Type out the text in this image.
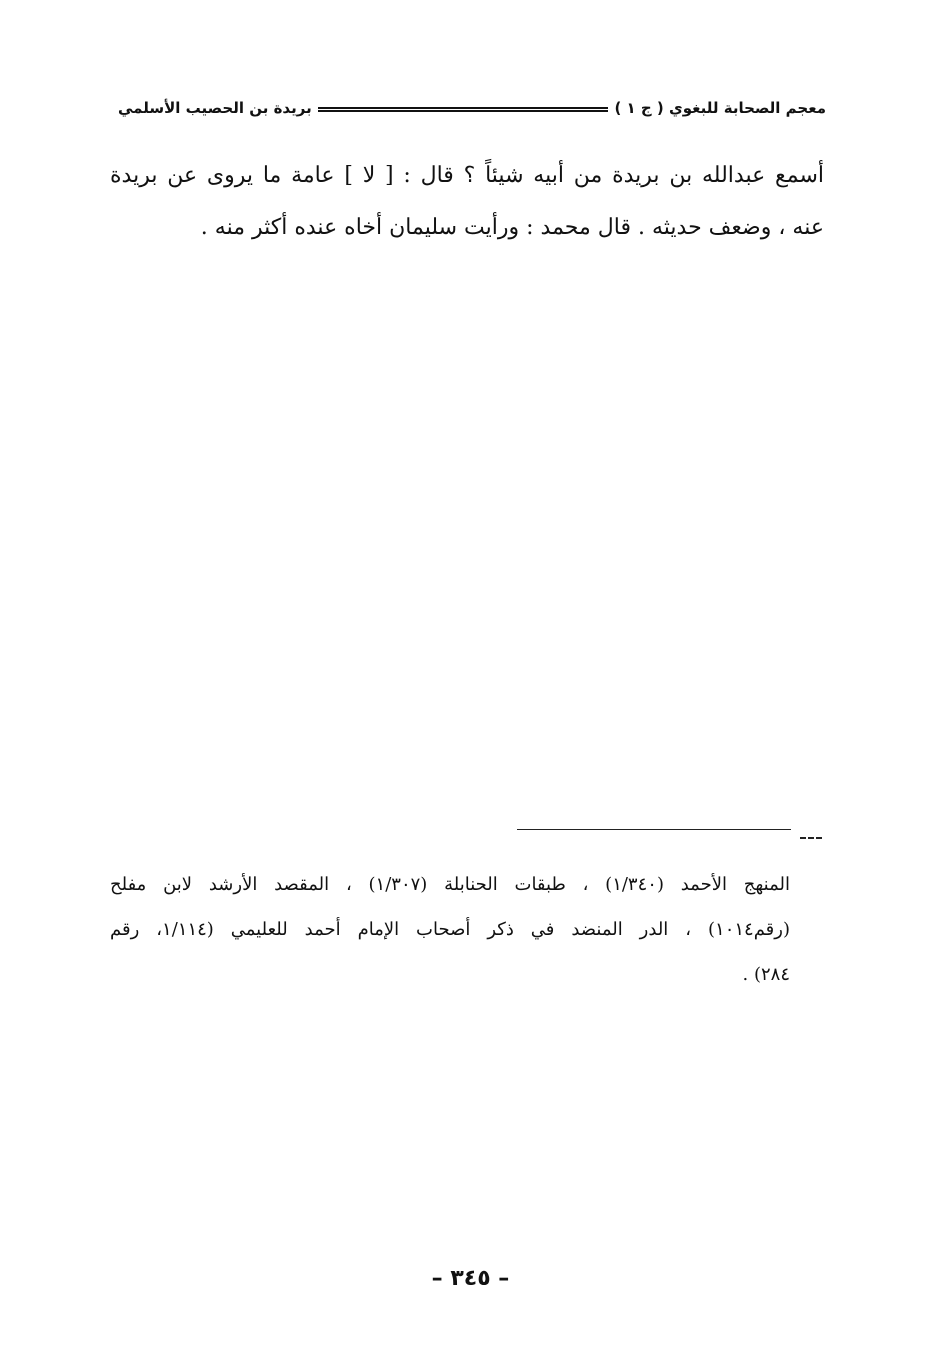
معجم الصحابة للبغوي ( ج ١ )
بريدة بن الحصيب الأسلمي

أسمع عبدالله بن بريدة من أبيه شيئاً ؟ قال : [ لا ] عامة ما يروى عن بريدة
عنه ، وضعف حديثه . قال محمد : ورأيت سليمان أخاه عنده أكثر منه .

المنهج الأحمد (١/٣٤٠) ، طبقات الحنابلة (١/٣٠٧) ، المقصد الأرشد لابن مفلح
(رقم١٠١٤) ، الدر المنضد في ذكر أصحاب الإمام أحمد للعليمي (١/١١٤، رقم
٢٨٤) .

– ٣٤٥ –
